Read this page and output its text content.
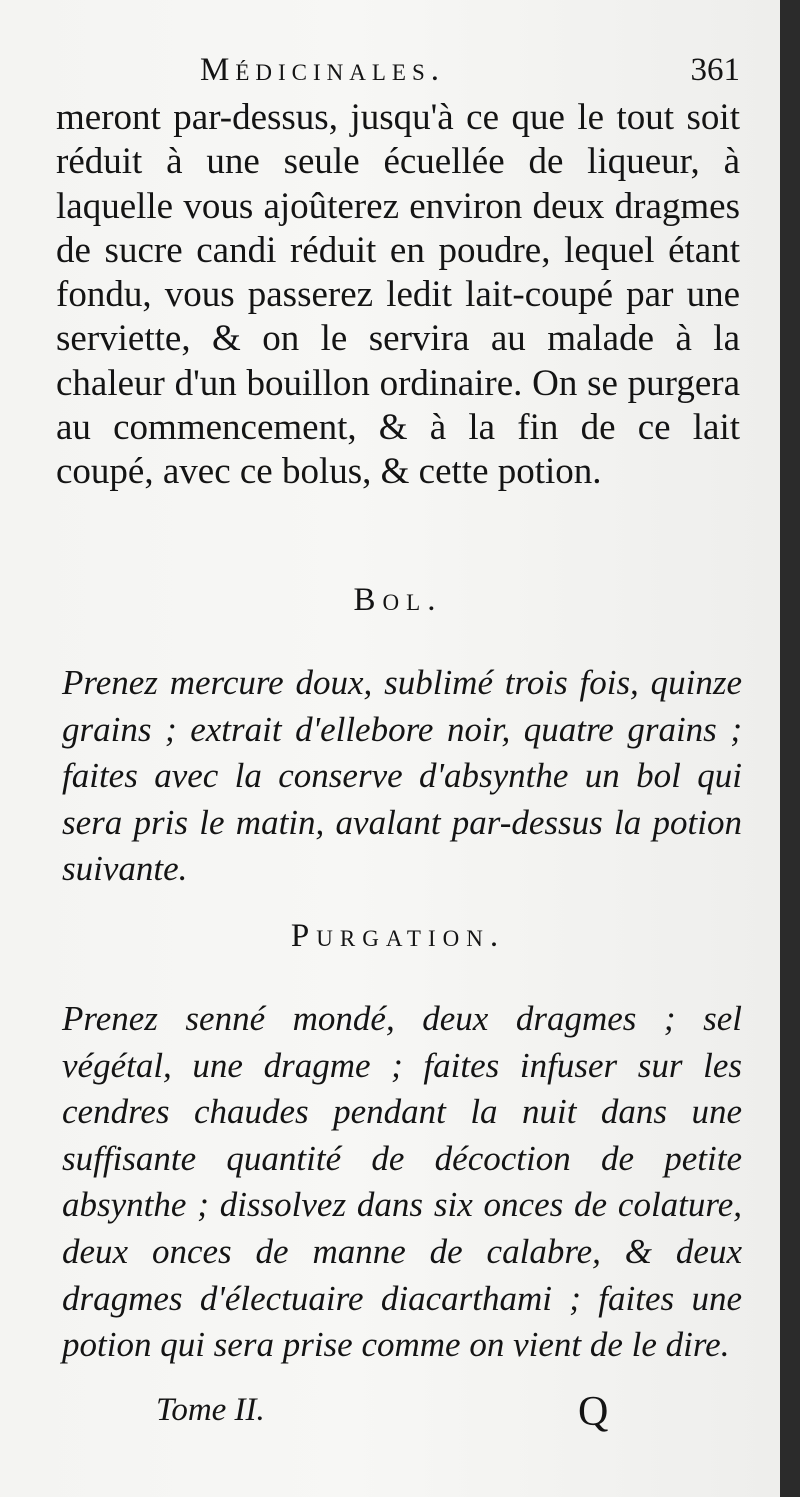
Médicinales.	361

meront par-dessus, jusqu'à ce que le tout soit réduit à une seule écuellée de liqueur, à laquelle vous ajoûterez environ deux dragmes de sucre candi réduit en poudre, lequel étant fondu, vous passerez ledit lait-coupé par une serviette, & on le servira au malade à la chaleur d'un bouillon ordinaire. On se purgera au commencement, & à la fin de ce lait coupé, avec ce bolus, & cette potion.

Bol.

Prenez mercure doux, sublimé trois fois, quinze grains ; extrait d'ellebore noir, quatre grains ; faites avec la conserve d'absynthe un bol qui sera pris le matin, avalant par-dessus la potion suivante.

Purgation.

Prenez senné mondé, deux dragmes ; sel végétal, une dragme ; faites infuser sur les cendres chaudes pendant la nuit dans une suffisante quantité de décoction de petite absynthe ; dissolvez dans six onces de colature, deux onces de manne de calabre, & deux dragmes d'électuaire diacarthami ; faites une potion qui sera prise comme on vient de le dire.

Tome II.	Q
